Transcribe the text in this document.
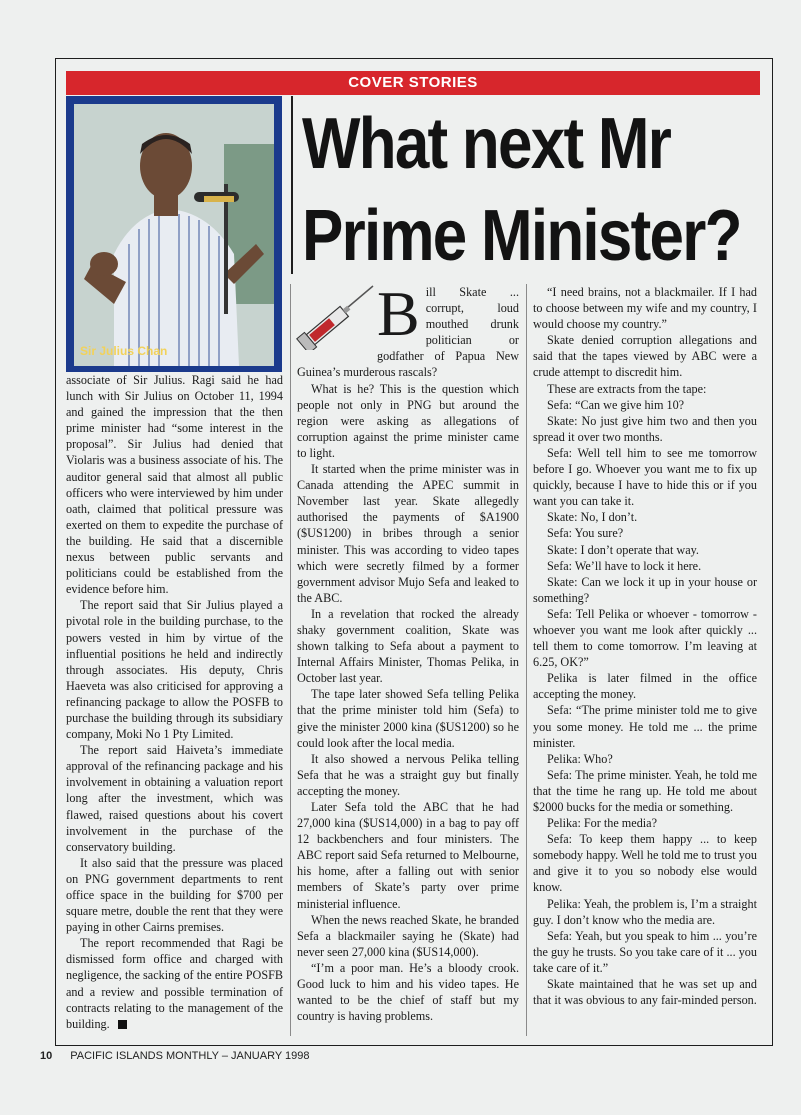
COVER STORIES
Sir Julius Chan
What next Mr
Prime Minister?

associate of Sir Julius. Ragi said he had lunch with Sir Julius on October 11, 1994 and gained the impression that the then prime minister had “some interest in the proposal”. Sir Julius had denied that Violaris was a business associate of his. The auditor general said that almost all public officers who were interviewed by him under oath, claimed that political pressure was exerted on them to expedite the purchase of the building. He said that a discernible nexus between public servants and politicians could be established from the evidence before him.

The report said that Sir Julius played a pivotal role in the building purchase, to the powers vested in him by virtue of the influential positions he held and indirectly through associates. His deputy, Chris Haeveta was also criticised for approving a refinancing package to allow the POSFB to purchase the building through its subsidiary company, Moki No 1 Pty Limited.

The report said Haiveta’s immediate approval of the refinancing package and his involvement in obtaining a valuation report long after the investment, which was flawed, raised questions about his covert involvement in the purchase of the conservatory building.

It also said that the pressure was placed on PNG government departments to rent office space in the building for $700 per square metre, double the rent that they were paying in other Cairns premises.

The report recommended that Ragi be dismissed form office and charged with negligence, the sacking of the entire POSFB and a review and possible termination of contracts relating to the management of the building.

Bill Skate ... corrupt, loud mouthed drunk politician or godfather of Papua New Guinea’s murderous rascals?

What is he? This is the question which people not only in PNG but around the region were asking as allegations of corruption against the prime minister came to light.

It started when the prime minister was in Canada attending the APEC summit in November last year. Skate allegedly authorised the payments of $A1900 ($US1200) in bribes through a senior minister. This was according to video tapes which were secretly filmed by a former government advisor Mujo Sefa and leaked to the ABC.

In a revelation that rocked the already shaky government coalition, Skate was shown talking to Sefa about a payment to Internal Affairs Minister, Thomas Pelika, in October last year.

The tape later showed Sefa telling Pelika that the prime minister told him (Sefa) to give the minister 2000 kina ($US1200) so he could look after the local media.

It also showed a nervous Pelika telling Sefa that he was a straight guy but finally accepting the money.

Later Sefa told the ABC that he had 27,000 kina ($US14,000) in a bag to pay off 12 backbenchers and four ministers. The ABC report said Sefa returned to Melbourne, his home, after a falling out with senior members of Skate’s party over prime ministerial influence.

When the news reached Skate, he branded Sefa a blackmailer saying he (Skate) had never seen 27,000 kina ($US14,000).

“I’m a poor man. He’s a bloody crook. Good luck to him and his video tapes. He wanted to be the chief of staff but my country is having problems.

“I need brains, not a blackmailer. If I had to choose between my wife and my country, I would choose my country.”

Skate denied corruption allegations and said that the tapes viewed by ABC were a crude attempt to discredit him.

These are extracts from the tape:

Sefa: “Can we give him 10?

Skate: No just give him two and then you spread it over two months.

Sefa: Well tell him to see me tomorrow before I go. Whoever you want me to fix up quickly, because I have to hide this or if you want you can take it.

Skate: No, I don’t.

Sefa: You sure?

Skate: I don’t operate that way.

Sefa: We’ll have to lock it here.

Skate: Can we lock it up in your house or something?

Sefa: Tell Pelika or whoever - tomorrow - whoever you want me look after quickly ... tell them to come tomorrow. I’m leaving at 6.25, OK?”

Pelika is later filmed in the office accepting the money.

Sefa: “The prime minister told me to give you some money. He told me ... the prime minister.

Pelika: Who?

Sefa: The prime minister. Yeah, he told me that the time he rang up. He told me about $2000 bucks for the media or something.

Pelika: For the media?

Sefa: To keep them happy ... to keep somebody happy. Well he told me to trust you and give it to you so nobody else would know.

Pelika: Yeah, the problem is, I’m a straight guy. I don’t know who the media are.

Sefa: Yeah, but you speak to him ... you’re the guy he trusts. So you take care of it ... you take care of it.”

Skate maintained that he was set up and that it was obvious to any fair-minded person.

10 PACIFIC ISLANDS MONTHLY – JANUARY 1998
